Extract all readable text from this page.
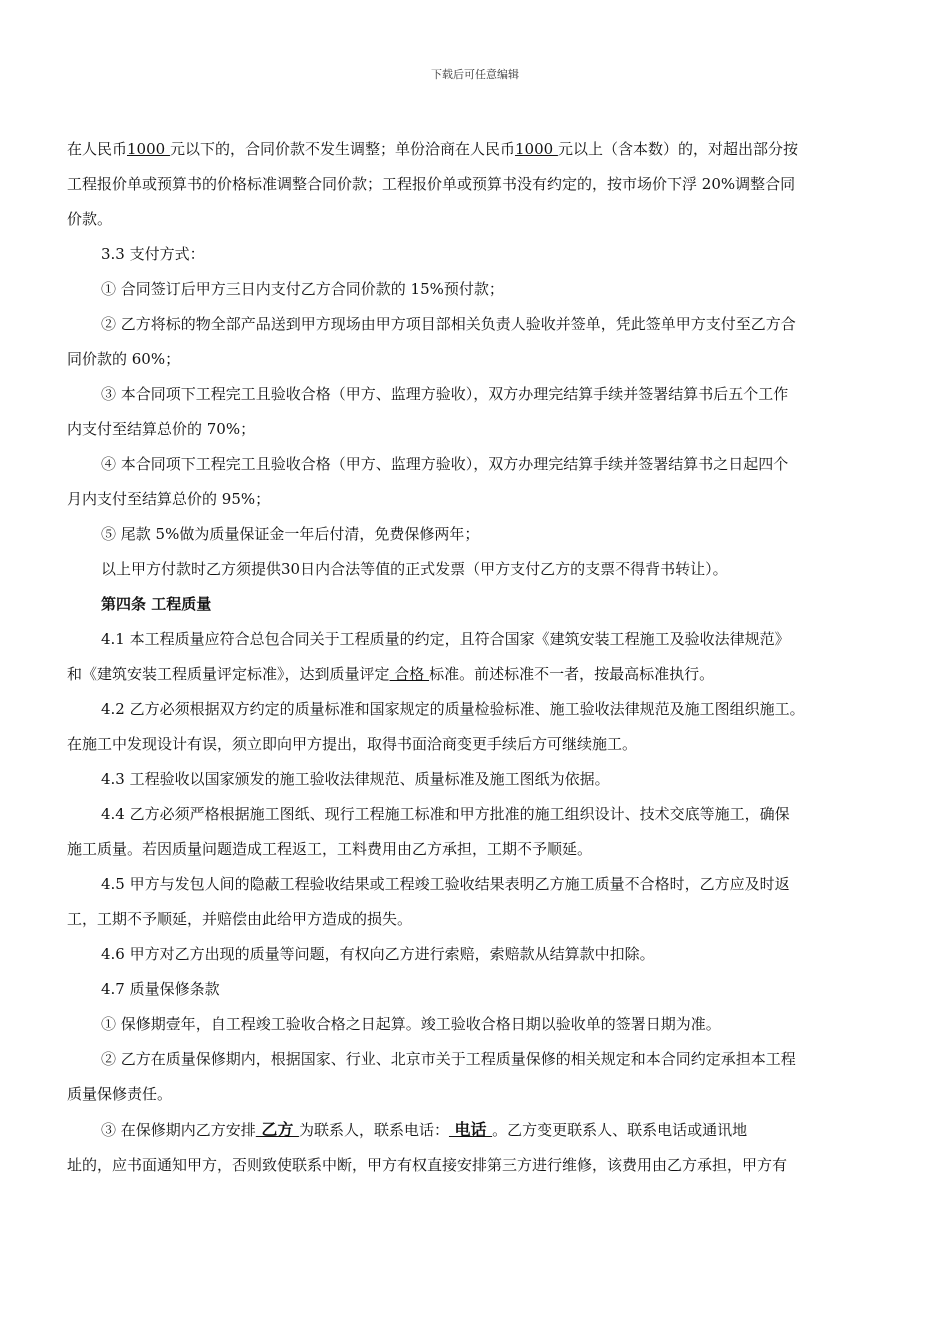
下载后可任意编辑

在人民币1000 元以下的，合同价款不发生调整；单份洽商在人民币1000 元以上（含本数）的，对超出部分按

工程报价单或预算书的价格标准调整合同价款；工程报价单或预算书没有约定的，按市场价下浮 20%调整合同

价款。

3.3 支付方式：

① 合同签订后甲方三日内支付乙方合同价款的 15%预付款；

② 乙方将标的物全部产品送到甲方现场由甲方项目部相关负责人验收并签单，凭此签单甲方支付至乙方合

同价款的 60%；

③ 本合同项下工程完工且验收合格（甲方、监理方验收），双方办理完结算手续并签署结算书后五个工作

内支付至结算总价的 70%；

④ 本合同项下工程完工且验收合格（甲方、监理方验收），双方办理完结算手续并签署结算书之日起四个

月内支付至结算总价的 95%；

⑤ 尾款 5%做为质量保证金一年后付清，免费保修两年；

以上甲方付款时乙方须提供30日内合法等值的正式发票（甲方支付乙方的支票不得背书转让）。

第四条 工程质量

4.1 本工程质量应符合总包合同关于工程质量的约定，且符合国家《建筑安装工程施工及验收法律规范》

和《建筑安装工程质量评定标准》，达到质量评定 合格 标准。前述标准不一者，按最高标准执行。

4.2 乙方必须根据双方约定的质量标准和国家规定的质量检验标准、施工验收法律规范及施工图组织施工。

在施工中发现设计有误，须立即向甲方提出，取得书面洽商变更手续后方可继续施工。

4.3 工程验收以国家颁发的施工验收法律规范、质量标准及施工图纸为依据。

4.4 乙方必须严格根据施工图纸、现行工程施工标准和甲方批准的施工组织设计、技术交底等施工，确保

施工质量。若因质量问题造成工程返工，工料费用由乙方承担，工期不予顺延。

4.5 甲方与发包人间的隐蔽工程验收结果或工程竣工验收结果表明乙方施工质量不合格时，乙方应及时返

工，工期不予顺延，并赔偿由此给甲方造成的损失。

4.6 甲方对乙方出现的质量等问题，有权向乙方进行索赔，索赔款从结算款中扣除。

4.7 质量保修条款

① 保修期壹年，自工程竣工验收合格之日起算。竣工验收合格日期以验收单的签署日期为准。

② 乙方在质量保修期内，根据国家、行业、北京市关于工程质量保修的相关规定和本合同约定承担本工程

质量保修责任。

③ 在保修期内乙方安排 乙方 为联系人，联系电话： 电话 。乙方变更联系人、联系电话或通讯地

址的，应书面通知甲方，否则致使联系中断，甲方有权直接安排第三方进行维修，该费用由乙方承担，甲方有
